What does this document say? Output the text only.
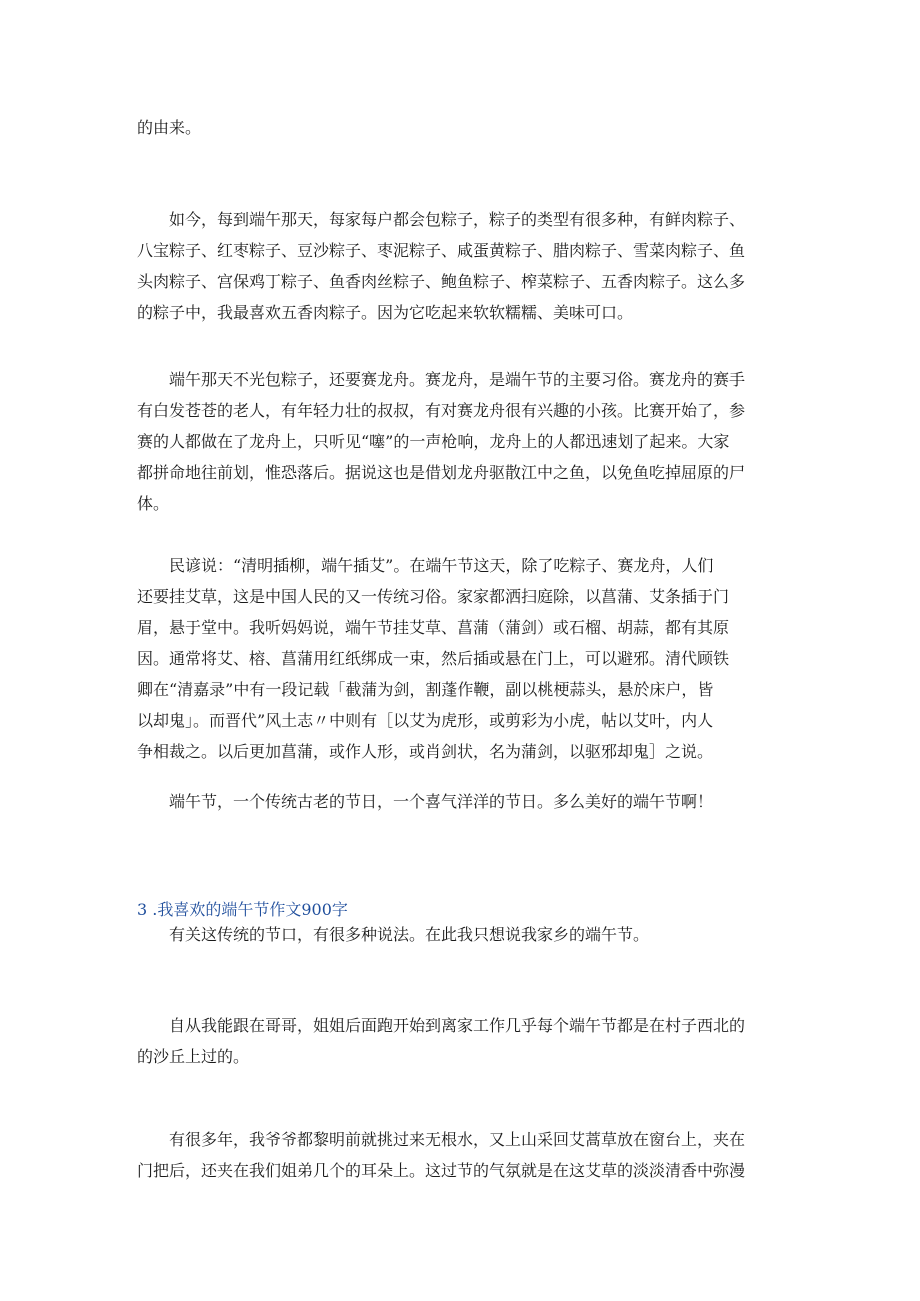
的由来。
　　如今，每到端午那天，每家每户都会包粽子，粽子的类型有很多种，有鲜肉粽子、
八宝粽子、红枣粽子、豆沙粽子、枣泥粽子、咸蛋黄粽子、腊肉粽子、雪菜肉粽子、鱼
头肉粽子、宫保鸡丁粽子、鱼香肉丝粽子、鲍鱼粽子、榨菜粽子、五香肉粽子。这么多
的粽子中，我最喜欢五香肉粽子。因为它吃起来软软糯糯、美味可口。
　　端午那天不光包粽子，还要赛龙舟。赛龙舟，是端午节的主要习俗。赛龙舟的赛手
有白发苍苍的老人，有年轻力壮的叔叔，有对赛龙舟很有兴趣的小孩。比赛开始了，参
赛的人都做在了龙舟上，只听见“噻”的一声枪响，龙舟上的人都迅速划了起来。大家
都拼命地往前划，惟恐落后。据说这也是借划龙舟驱散江中之鱼，以免鱼吃掉屈原的尸
体。
　　民谚说：“清明插柳，端午插艾”。在端午节这天，除了吃粽子、赛龙舟，人们
还要挂艾草，这是中国人民的又一传统习俗。家家都洒扫庭除，以菖蒲、艾条插于门
眉，悬于堂中。我听妈妈说，端午节挂艾草、菖蒲（蒲剑）或石榴、胡蒜，都有其原
因。通常将艾、榕、菖蒲用红纸绑成一束，然后插或悬在门上，可以避邪。清代顾铁
卿在“清嘉录”中有一段记载「截蒲为剑，割蓬作鞭，副以桃梗蒜头，悬於床户，皆
以却鬼」。而晋代”风土志〃中则有［以艾为虎形，或剪彩为小虎，帖以艾叶，内人
争相裁之。以后更加菖蒲，或作人形，或肖剑状，名为蒲剑，以驱邪却鬼］之说。
　　端午节，一个传统古老的节日，一个喜气洋洋的节日。多么美好的端午节啊！
3 .我喜欢的端午节作文900字
　　有关这传统的节口，有很多种说法。在此我只想说我家乡的端午节。
　　自从我能跟在哥哥，姐姐后面跑开始到离家工作几乎每个端午节都是在村子西北的
的沙丘上过的。
　　有很多年，我爷爷都黎明前就挑过来无根水，又上山采回艾蒿草放在窗台上，夹在
门把后，还夹在我们姐弟几个的耳朵上。这过节的气氛就是在这艾草的淡淡清香中弥漫
